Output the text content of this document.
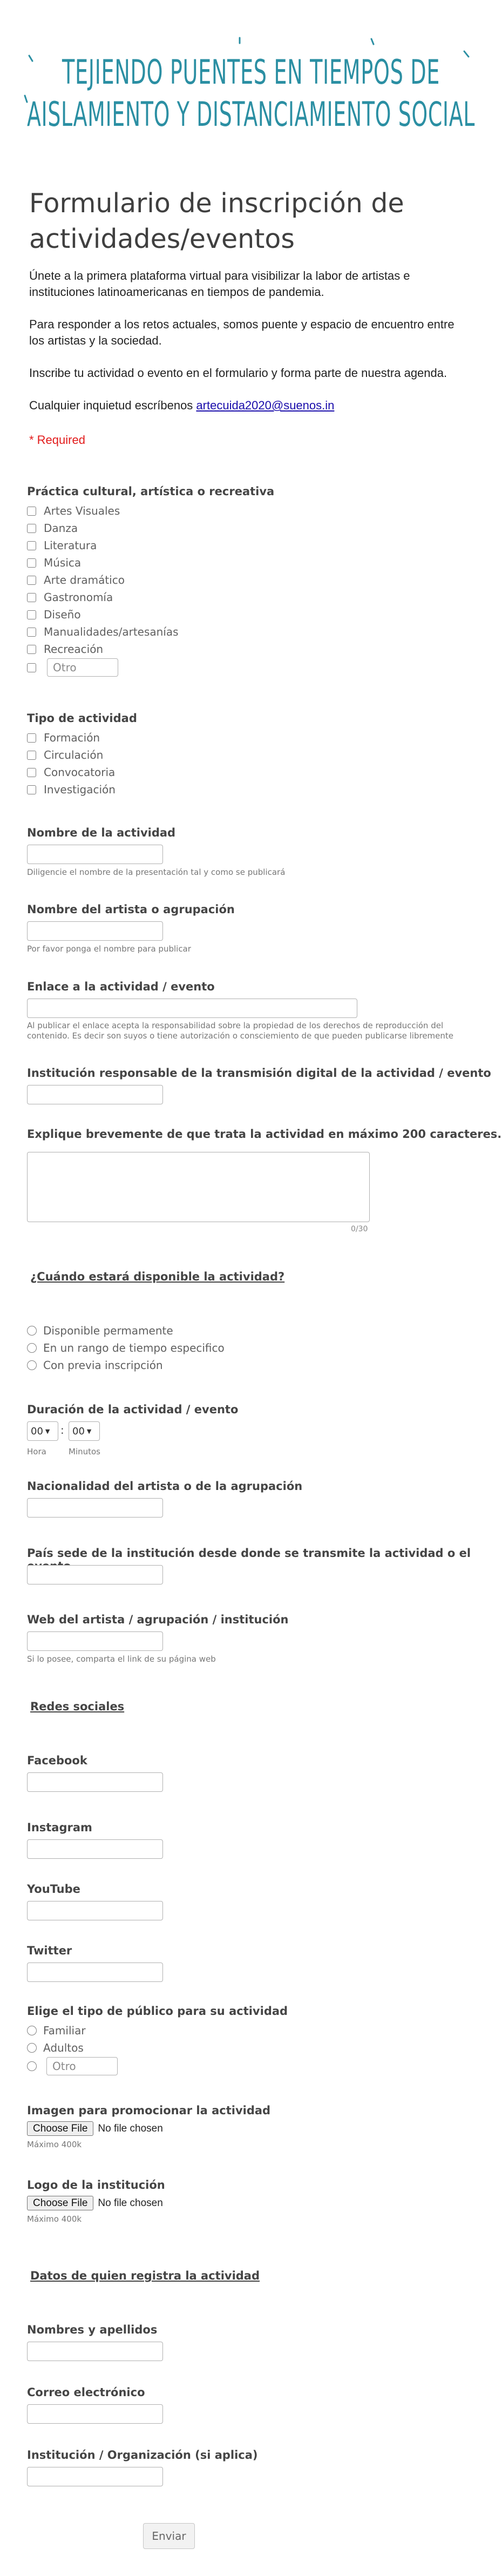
TEJIENDO PUENTES EN TIEMPOS DE
AISLAMIENTO Y DISTANCIAMIENTO SOCIAL
Formulario de inscripción de actividades/eventos

Únete a la primera plataforma virtual para visibilizar la labor de artistas e instituciones latinoamericanas en tiempos de pandemia.

Para responder a los retos actuales, somos puente y espacio de encuentro entre los artistas y la sociedad.

Inscribe tu actividad o evento en el formulario y forma parte de nuestra agenda.

Cualquier inquietud escríbenos artecuida2020@suenos.in

* Required
Práctica cultural, artística o recreativa
Artes Visuales
Danza
Literatura
Música
Arte dramático
Gastronomía
Diseño
Manualidades/artesanías
Recreación
Otro
Tipo de actividad
Formación
Circulación
Convocatoria
Investigación
Nombre de la actividad
Diligencie el nombre de la presentación tal y como se publicará
Nombre del artista o agrupación
Por favor ponga el nombre para publicar
Enlace a la actividad / evento
Al publicar el enlace acepta la responsabilidad sobre la propiedad de los derechos de reproducción del
contenido. Es decir son suyos o tiene autorización o consciemiento de que pueden publicarse libremente
Institución responsable de la transmisión digital de la actividad / evento
Explique brevemente de que trata la actividad en máximo 200 caracteres.
0/30
¿Cuándo estará disponible la actividad?
Disponible permamente
En un rango de tiempo especifico
Con previa inscripción
Duración de la actividad / evento
00 ▼ : 00 ▼
Hora	Minutos
Nacionalidad del artista o de la agrupación
País sede de la institución desde donde se transmite la actividad o el
Web del artista / agrupación / institución
Si lo posee, comparta el link de su página web
Redes sociales
Facebook
Instagram
YouTube
Twitter
Elige el tipo de público para su actividad
Familiar
Adultos
Otro
Imagen para promocionar la actividad
Choose File	No file chosen
Máximo 400k
Logo de la institución
Choose File	No file chosen
Máximo 400k
Datos de quien registra la actividad
Nombres y apellidos
Correo electrónico
Institución / Organización (si aplica)
Enviar
